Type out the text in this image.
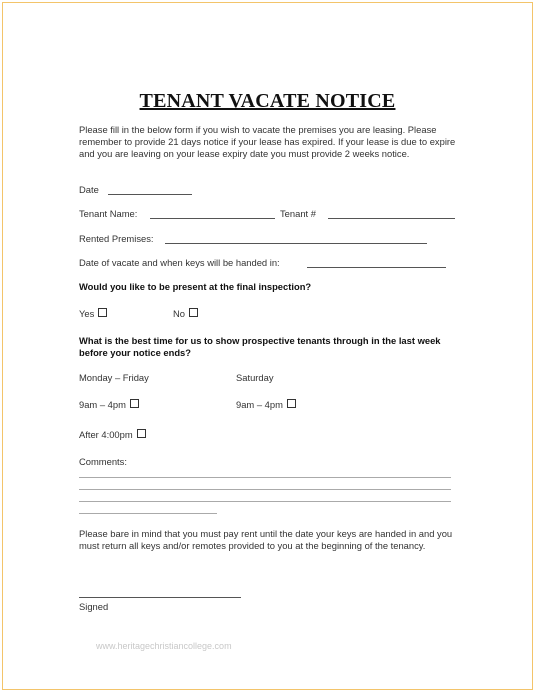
TENANT VACATE NOTICE
Please fill in the below form if you wish to vacate the premises you are leasing. Please remember to provide 21 days notice if your lease has expired. If your lease is due to expire and you are leaving on your lease expiry date you must provide 2 weeks notice.
Date
Tenant Name:	Tenant #
Rented Premises:
Date of vacate and when keys will be handed in:
Would you like to be present at the final inspection?
Yes	No
What is the best time for us to show prospective tenants through in the last week before your notice ends?
Monday – Friday	Saturday
9am – 4pm	9am – 4pm
After 4:00pm
Comments:
Please bare in mind that you must pay rent until the date your keys are handed in and you must return all keys and/or remotes provided to you at the beginning of the tenancy.
Signed
www.heritagechristiancollege.com
